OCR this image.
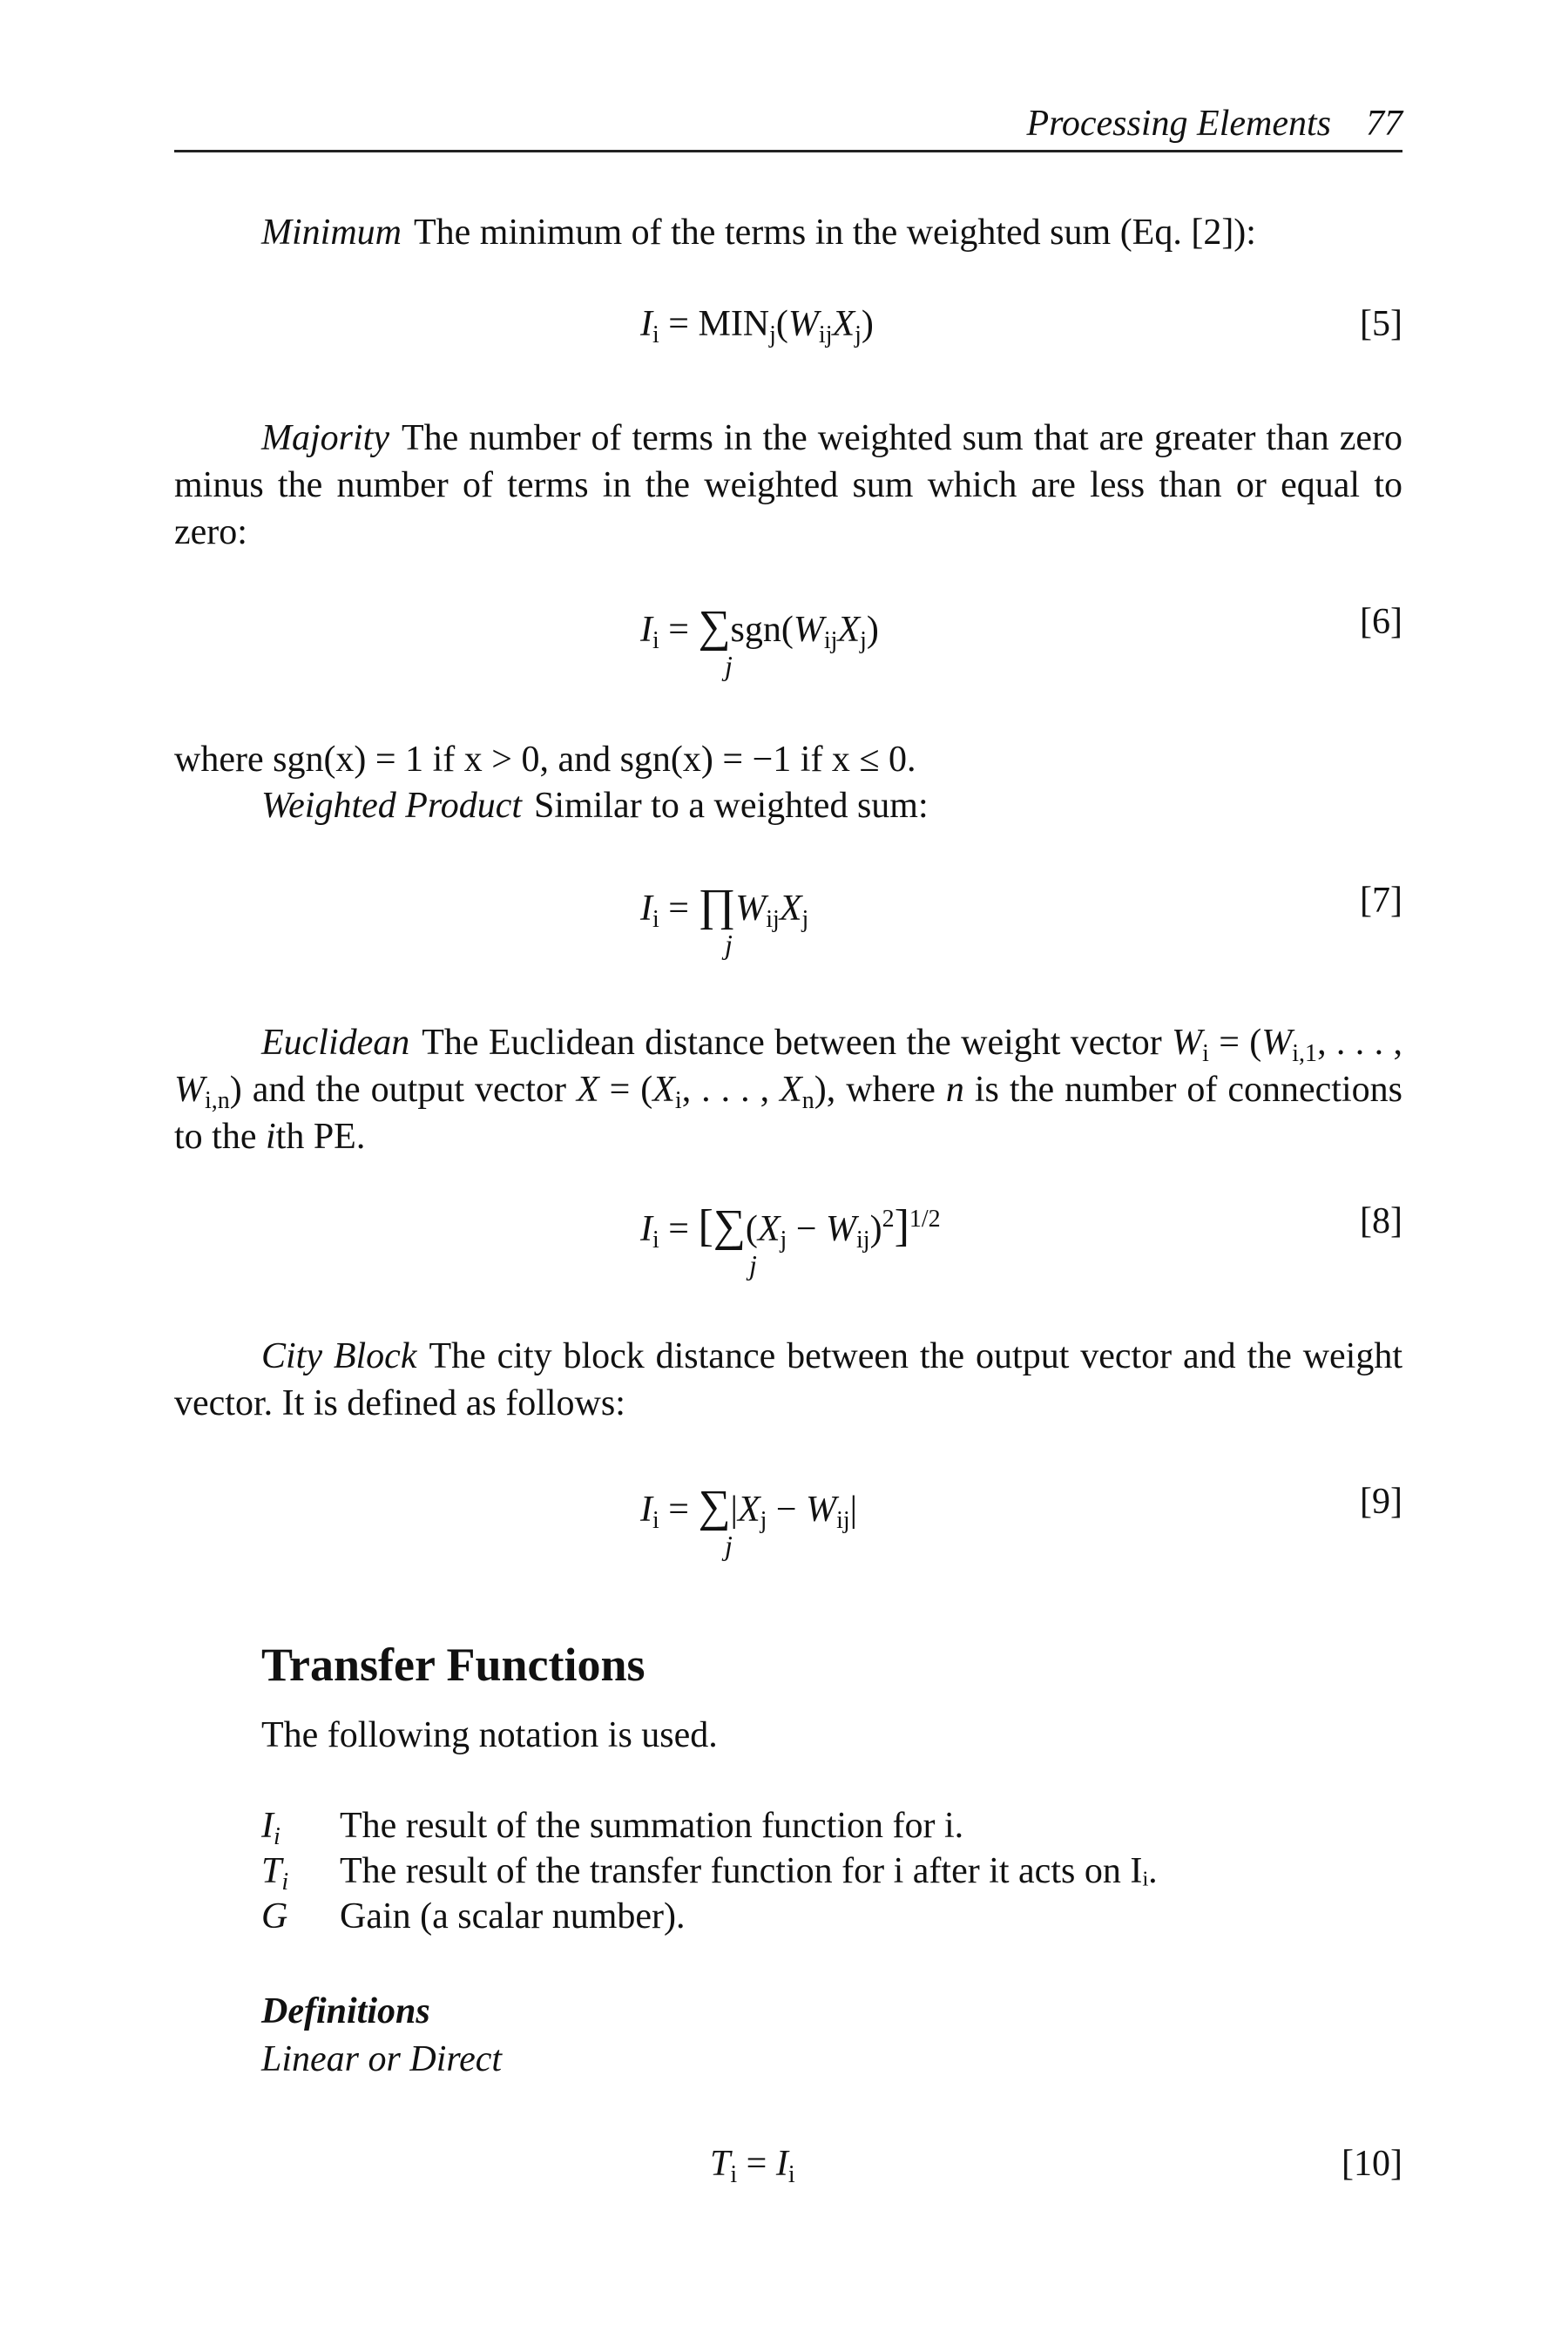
Processing Elements 77
Minimum The minimum of the terms in the weighted sum (Eq. [2]):
$I_i = MIN_j(W_{ij}X_j)$	[5]
Majority The number of terms in the weighted sum that are greater than zero minus the number of terms in the weighted sum which are less than or equal to zero:
$I_i = \sum sgn(W_{ij}X_j)$
j
[6]
where sgn(x) = 1 if x > 0, and sgn(x) = −1 if x ≤ 0.
Weighted Product Similar to a weighted sum:
$I_i$ = $\prod W_{ij}X_j$
j
[7]
Euclidean The Euclidean distance between the weight vector $W_i = (W_{i,1}$, . . . , $W_{i,n}$) and the output vector $X = (X_i$, . . . , $X_n$), where n is the number of connections to the ith PE.
$I_i = [\sum(X_j - W_{ij})^2]^{1/2}$
j
[8]
City Block The city block distance between the output vector and the weight vector. It is defined as follows:
$I_i = \sum|X_j - W_{ij}|$
j
[9]
Transfer Functions
The following notation is used.
$I_i$	The result of the summation function for i.
$T_i$	The result of the transfer function for i after it acts on Iᵢ.
G	Gain (a scalar number).
Definitions
Linear or Direct
$T_i = I_i$	[10]
